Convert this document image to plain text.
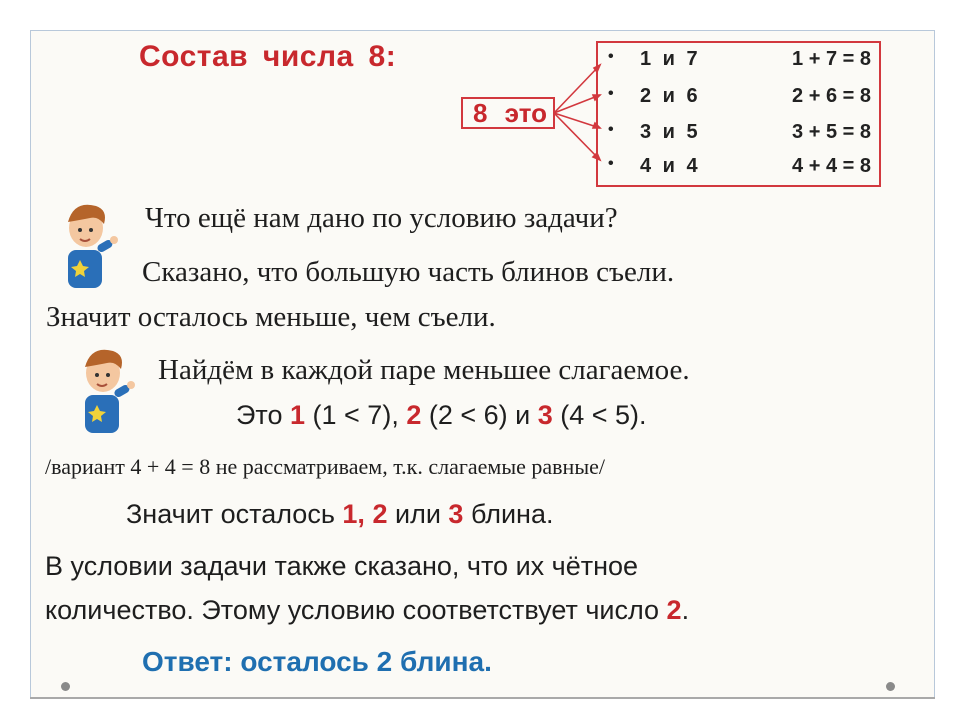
Состав числа 8:
8 это
• 1 и 7	1 + 7 = 8
• 2 и 6	2 + 6 = 8
• 3 и 5	3 + 5 = 8
• 4 и 4	4 + 4 = 8
Что ещё нам дано по условию задачи?
Сказано, что большую часть блинов съели.
Значит осталось меньше, чем съели.
Найдём в каждой паре меньшее слагаемое.
Это 1 (1 < 7), 2 (2 < 6) и 3 (4 < 5).
/вариант 4 + 4 = 8 не рассматриваем, т.к. слагаемые равные/
Значит осталось 1, 2 или 3 блина.
В условии задачи также сказано, что их чётное
количество. Этому условию соответствует число 2.
Ответ: осталось 2 блина.
